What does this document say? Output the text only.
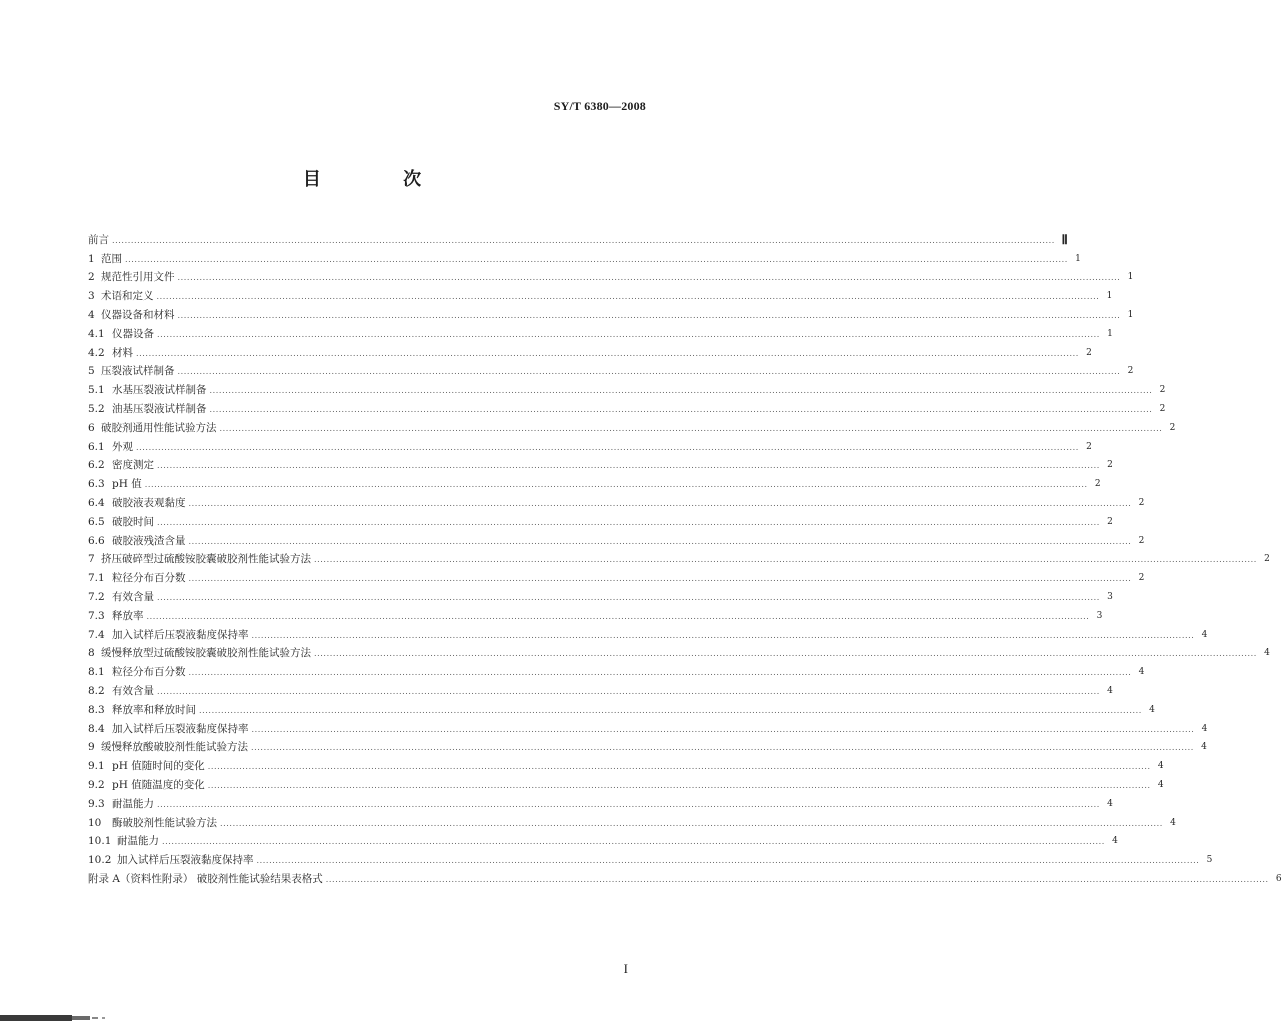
SY/T 6380—2008
目 次
前言 ............................................................................................................................................................................................................................................................................................................ Ⅱ
1 范围 ............................................................................................................................................................................................................................................................................................................ 1
2 规范性引用文件 ............................................................................................................................................................................................................................................................................................................ 1
3 术语和定义 ............................................................................................................................................................................................................................................................................................................ 1
4 仪器设备和材料 ............................................................................................................................................................................................................................................................................................................ 1
4.1 仪器设备 ............................................................................................................................................................................................................................................................................................................ 1
4.2 材料 ............................................................................................................................................................................................................................................................................................................ 2
5 压裂液试样制备 ............................................................................................................................................................................................................................................................................................................ 2
5.1 水基压裂液试样制备 ............................................................................................................................................................................................................................................................................................................ 2
5.2 油基压裂液试样制备 ............................................................................................................................................................................................................................................................................................................ 2
6 破胶剂通用性能试验方法 ............................................................................................................................................................................................................................................................................................................ 2
6.1 外观 ............................................................................................................................................................................................................................................................................................................ 2
6.2 密度测定 ............................................................................................................................................................................................................................................................................................................ 2
6.3 pH 值 ............................................................................................................................................................................................................................................................................................................ 2
6.4 破胶液表观黏度 ............................................................................................................................................................................................................................................................................................................ 2
6.5 破胶时间 ............................................................................................................................................................................................................................................................................................................ 2
6.6 破胶液残渣含量 ............................................................................................................................................................................................................................................................................................................ 2
7 挤压破碎型过硫酸铵胶囊破胶剂性能试验方法 ............................................................................................................................................................................................................................................................................................................ 2
7.1 粒径分布百分数 ............................................................................................................................................................................................................................................................................................................ 2
7.2 有效含量 ............................................................................................................................................................................................................................................................................................................ 3
7.3 释放率 ............................................................................................................................................................................................................................................................................................................ 3
7.4 加入试样后压裂液黏度保持率 ............................................................................................................................................................................................................................................................................................................ 4
8 缓慢释放型过硫酸铵胶囊破胶剂性能试验方法 ............................................................................................................................................................................................................................................................................................................ 4
8.1 粒径分布百分数 ............................................................................................................................................................................................................................................................................................................ 4
8.2 有效含量 ............................................................................................................................................................................................................................................................................................................ 4
8.3 释放率和释放时间 ............................................................................................................................................................................................................................................................................................................ 4
8.4 加入试样后压裂液黏度保持率 ............................................................................................................................................................................................................................................................................................................ 4
9 缓慢释放酸破胶剂性能试验方法 ............................................................................................................................................................................................................................................................................................................ 4
9.1 pH 值随时间的变化 ............................................................................................................................................................................................................................................................................................................ 4
9.2 pH 值随温度的变化 ............................................................................................................................................................................................................................................................................................................ 4
9.3 耐温能力 ............................................................................................................................................................................................................................................................................................................ 4
10	酶破胶剂性能试验方法 ............................................................................................................................................................................................................................................................................................................ 4
10.1 耐温能力 ............................................................................................................................................................................................................................................................................................................ 4
10.2 加入试样后压裂液黏度保持率 ............................................................................................................................................................................................................................................................................................................ 5
附录 A（资料性附录） 破胶剂性能试验结果表格式 ............................................................................................................................................................................................................................................................................................................ 6
I
